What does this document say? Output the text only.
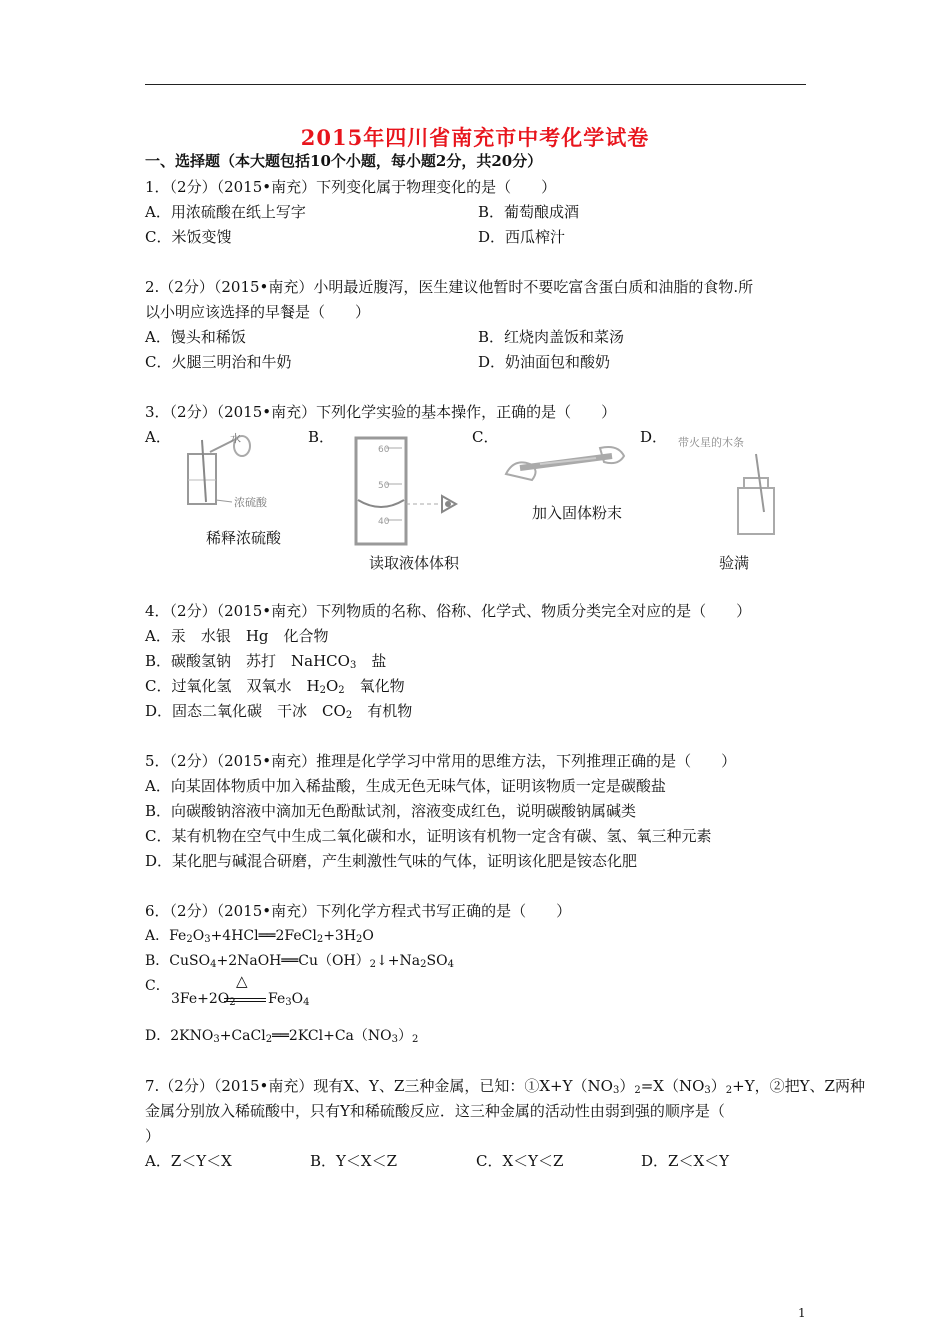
2015年四川省南充市中考化学试卷
一、选择题（本大题包括10个小题，每小题2分，共20分）
1．（2分）（2015•南充）下列变化属于物理变化的是（　　）
A．用浓硫酸在纸上写字	B．葡萄酿成酒
C．米饭变馊	D．西瓜榨汁
2.（2分）（2015•南充）小明最近腹泻，医生建议他暂时不要吃富含蛋白质和油脂的食物.所
以小明应该选择的早餐是（　　）
A．馒头和稀饭	B．红烧肉盖饭和菜汤
C．火腿三明治和牛奶	D．奶油面包和酸奶
3．（2分）（2015•南充）下列化学实验的基本操作，正确的是（　　）
A．	B．	C．	D．
水
浓硫酸
稀释浓硫酸
60
50
40
读取液体体积
加入固体粉末
带火星的木条
验满
4．（2分）（2015•南充）下列物质的名称、俗称、化学式、物质分类完全对应的是（　　）
A．汞　水银　Hg　化合物
B．碳酸氢钠　苏打　NaHCO$_3$　盐
C．过氧化氢　双氧水　$H_2O_2$　氧化物
D．固态二氧化碳　干冰　$CO_2$　有机物
5．（2分）（2015•南充）推理是化学学习中常用的思维方法，下列推理正确的是（　　）
A．向某固体物质中加入稀盐酸，生成无色无味气体，证明该物质一定是碳酸盐
B．向碳酸钠溶液中滴加无色酚酞试剂，溶液变成红色，说明碳酸钠属碱类
C．某有机物在空气中生成二氧化碳和水，证明该有机物一定含有碳、氢、氧三种元素
D．某化肥与碱混合研磨，产生刺激性气味的气体，证明该化肥是铵态化肥
6．（2分）（2015•南充）下列化学方程式书写正确的是（　　）
A．$Fe_2O_3+4HCl══2FeCl_2+3H_2O$
B．$CuSO_4+2NaOH══Cu(OH)_2↓+Na_2SO_4$
C．	△
$3Fe+2O_2$ $Fe_3O_4$
D．$2KNO_3+CaCl_2══2KCl+Ca(NO_3)_2$
7.（2分）（2015•南充）现有X、Y、Z三种金属，已知：$①X+Y(NO_3)_2=X(NO_3)_2+Y$，②把Y、Z两种
金属分别放入稀硫酸中，只有Y和稀硫酸反应．这三种金属的活动性由弱到强的顺序是（
）
A．Z＜Y＜X	B．Y＜X＜Z	C．X＜Y＜Z	D．Z＜X＜Y
1
